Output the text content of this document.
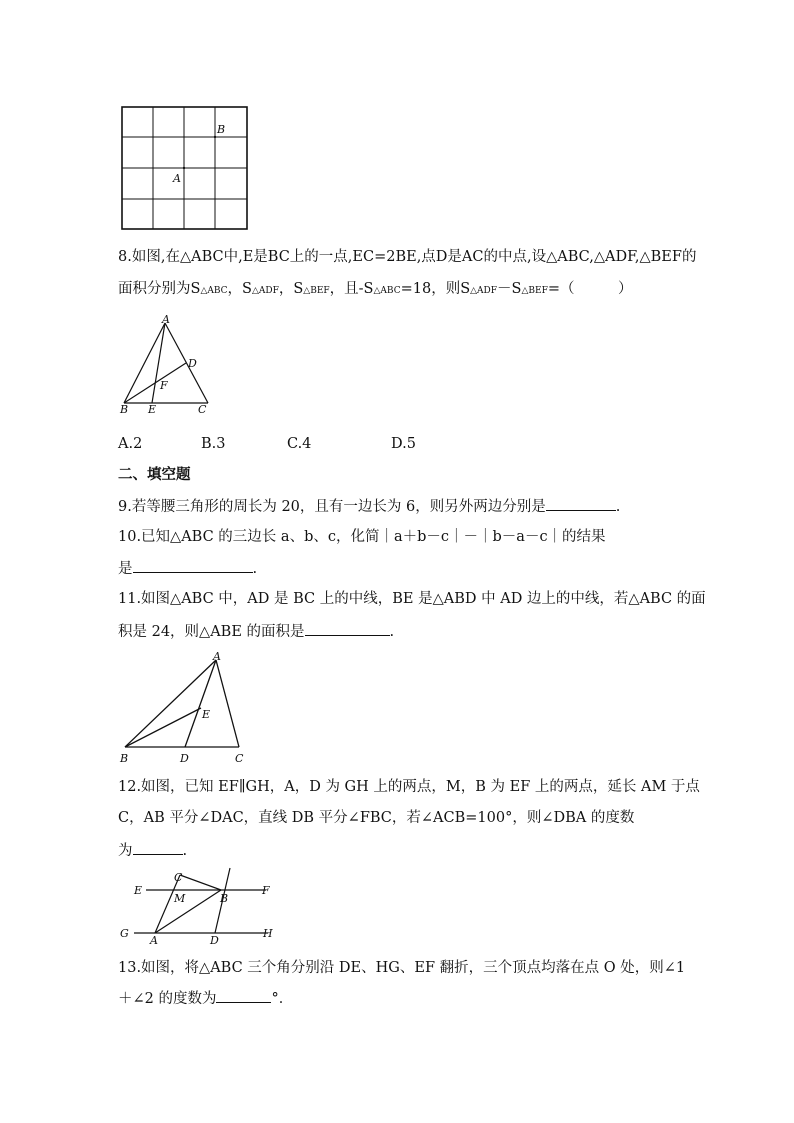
B
A
8.如图,在△ABC中,E是BC上的一点,EC=2BE,点D是AC的中点,设△ABC,△ADF,△BEF的
面积分别为S△ABC，S△ADF，S△BEF，且-S△ABC=18，则S△ADF－S△BEF=（　　　）
A
D
F
B E	C
A.2	B.3	C.4	D.5
二、填空题
9.若等腰三角形的周长为 20，且有一边长为 6，则另外两边分别是	.
10.已知△ABC 的三边长 a、b、c，化简｜a＋b－c｜－｜b－a－c｜的结果
是	.
11.如图△ABC 中，AD 是 BC 上的中线，BE 是△ABD 中 AD 边上的中线，若△ABC 的面
积是 24，则△ABE 的面积是	.
A
E
B	D	C
12.如图，已知 EF∥GH，A，D 为 GH 上的两点，M，B 为 EF 上的两点，延长 AM 于点
C，AB 平分∠DAC，直线 DB 平分∠FBC，若∠ACB=100°，则∠DBA 的度数
为	.
E	F
G	H
C
M	B
A	D
13.如图，将△ABC 三个角分别沿 DE、HG、EF 翻折，三个顶点均落在点 O 处，则∠1
＋∠2 的度数为	°．
